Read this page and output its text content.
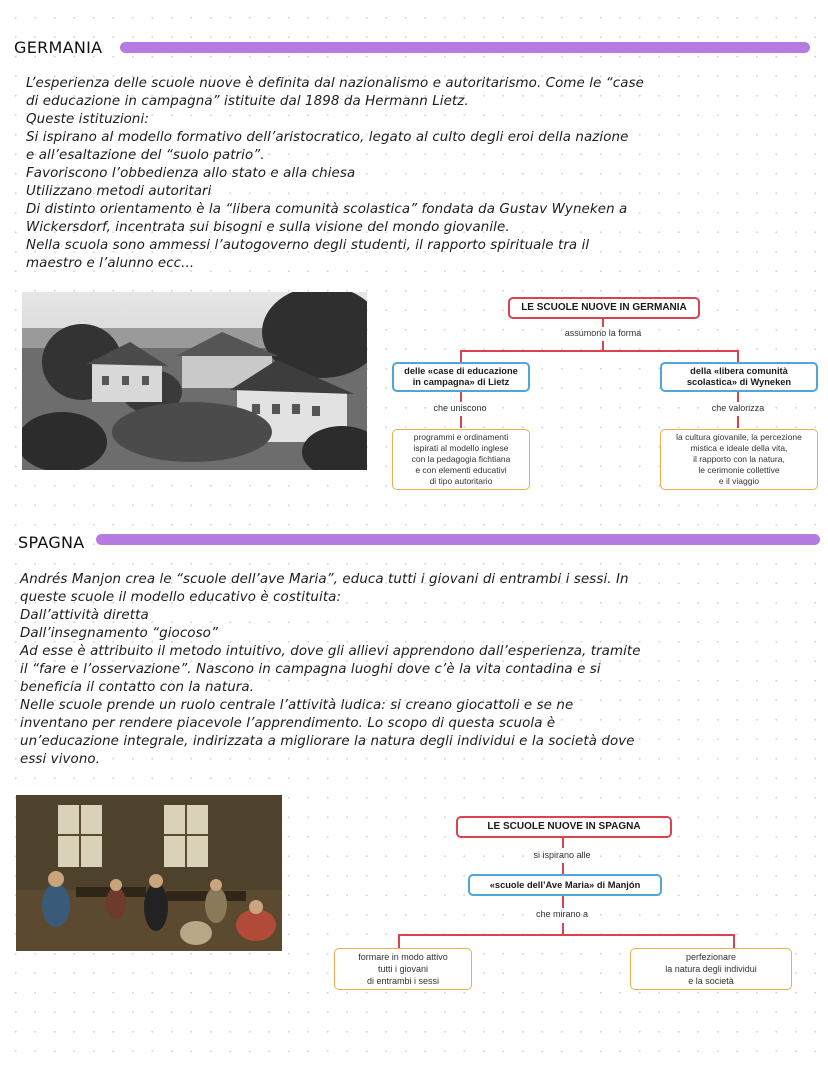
GERMANIA
L’esperienza delle scuole nuove è definita dal nazionalismo e autoritarismo. Come le “case
di educazione in campagna” istituite dal 1898 da Hermann Lietz.
Queste istituzioni:
Si ispirano al modello formativo dell’aristocratico, legato al culto degli eroi della nazione
e all’esaltazione del “suolo patrio”.
Favoriscono l’obbedienza allo stato e alla chiesa
Utilizzano metodi autoritari
Di distinto orientamento è la “libera comunità scolastica” fondata da Gustav Wyneken a
Wickersdorf, incentrata sui bisogni e sulla visione del mondo giovanile.
Nella scuola sono ammessi l’autogoverno degli studenti, il rapporto spirituale tra il
maestro e l’alunno ecc...
LE SCUOLE NUOVE IN GERMANIA
assumono la forma
delle «case di educazione
in campagna» di Lietz
della «libera comunità
scolastica» di Wyneken
che uniscono	che valorizza
programmi e ordinamenti
ispirati al modello inglese
con la pedagogia fichtiana
e con elementi educativi
di tipo autoritario
la cultura giovanile, la percezione
mistica e ideale della vita,
il rapporto con la natura,
le cerimonie collettive
e il viaggio
SPAGNA
Andrés Manjon crea le “scuole dell’ave Maria”, educa tutti i giovani di entrambi i sessi. In
queste scuole il modello educativo è costituita:
Dall’attività diretta
Dall’insegnamento “giocoso”
Ad esse è attribuito il metodo intuitivo, dove gli allievi apprendono dall’esperienza, tramite
il “fare e l’osservazione”. Nascono in campagna luoghi dove c’è la vita contadina e si
beneficia il contatto con la natura.
Nelle scuole prende un ruolo centrale l’attività ludica: si creano giocattoli e se ne
inventano per rendere piacevole l’apprendimento. Lo scopo di questa scuola è
un’educazione integrale, indirizzata a migliorare la natura degli individui e la società dove
essi vivono.
LE SCUOLE NUOVE IN SPAGNA
si ispirano alle
«scuole dell’Ave Maria» di Manjón
che mirano a
formare in modo attivo
tutti i giovani
di entrambi i sessi
perfezionare
la natura degli individui
e la società
